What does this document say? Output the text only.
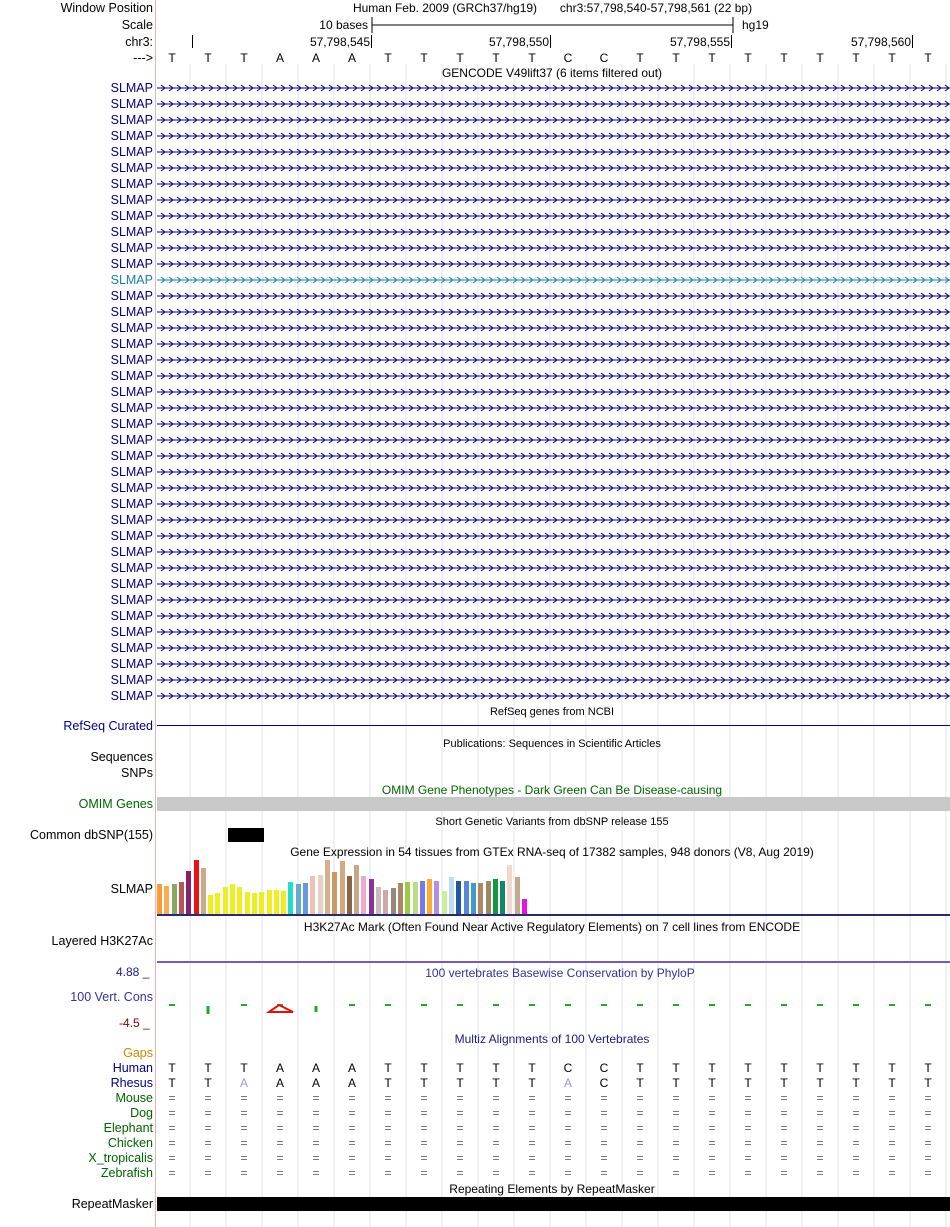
Window Position	Human Feb. 2009 (GRCh37/hg19) chr3:57,798,540-57,798,561 (22 bp)
Scale	10 bases	hg19
chr3:	57,798,545	57,798,550	57,798,555	57,798,560
--->	T	T	T	A	A	A	T	T	T	T	T	C	C	T	T	T	T	T	T	T	T	T
GENCODE V49lift37 (6 items filtered out)
SLMAP
SLMAP
SLMAP
SLMAP
SLMAP
SLMAP
SLMAP
SLMAP
SLMAP
SLMAP
SLMAP
SLMAP
SLMAP
SLMAP
SLMAP
SLMAP
SLMAP
SLMAP
SLMAP
SLMAP
SLMAP
SLMAP
SLMAP
SLMAP
SLMAP
SLMAP
SLMAP
SLMAP
SLMAP
SLMAP
SLMAP
SLMAP
SLMAP
SLMAP
SLMAP
SLMAP
SLMAP
SLMAP
SLMAP
RefSeq genes from NCBI
RefSeq Curated
Publications: Sequences in Scientific Articles
Sequences
SNPs
OMIM Gene Phenotypes - Dark Green Can Be Disease-causing
OMIM Genes
Short Genetic Variants from dbSNP release 155
Common dbSNP(155)
Gene Expression in 54 tissues from GTEx RNA-seq of 17382 samples, 948 donors (V8, Aug 2019)
SLMAP
H3K27Ac Mark (Often Found Near Active Regulatory Elements) on 7 cell lines from ENCODE
Layered H3K27Ac
100 vertebrates Basewise Conservation by PhyloP
4.88 _
100 Vert. Cons
-4.5 _
Multiz Alignments of 100 Vertebrates
Gaps
Human	T	T	T	A	A	A	T	T	T	T	T	C	C	T	T	T	T	T	T	T	T	T
Rhesus	T	T	A	A	A	A	T	T	T	T	T	A	C	T	T	T	T	T	T	T	T	T
Mouse	=	=	=	=	=	=	=	=	=	=	=	=	=	=	=	=	=	=	=	=	=	=
Dog	=	=	=	=	=	=	=	=	=	=	=	=	=	=	=	=	=	=	=	=	=	=
Elephant	=	=	=	=	=	=	=	=	=	=	=	=	=	=	=	=	=	=	=	=	=	=
Chicken	=	=	=	=	=	=	=	=	=	=	=	=	=	=	=	=	=	=	=	=	=	=
X_tropicalis	=	=	=	=	=	=	=	=	=	=	=	=	=	=	=	=	=	=	=	=	=	=
Zebrafish	=	=	=	=	=	=	=	=	=	=	=	=	=	=	=	=	=	=	=	=	=	=
Repeating Elements by RepeatMasker
RepeatMasker
